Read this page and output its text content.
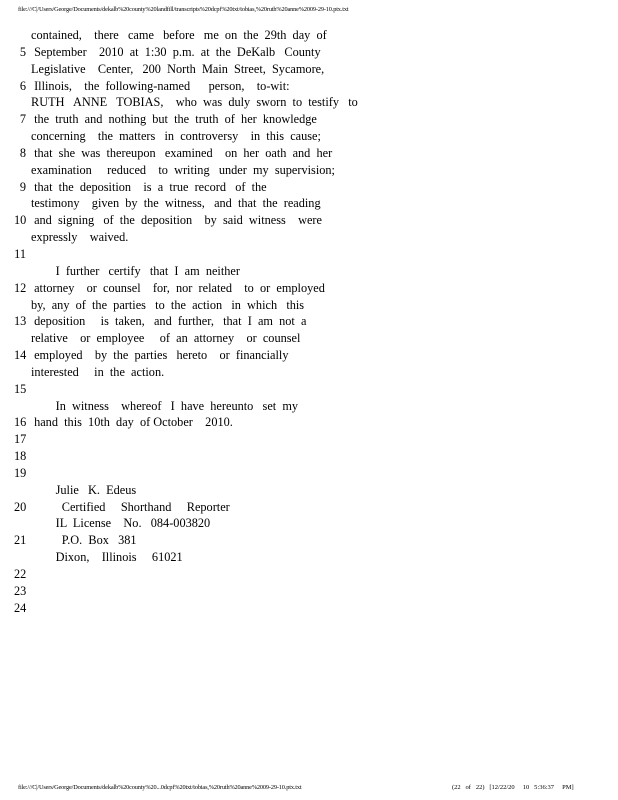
file:///C|/Users/George/Documents/dekalb%20county%20landfill/transcripts%20dcpf%20txt/tobias,%20ruth%20anne%2009-29-10.ptx.txt
contained,    there   came   before   me  on  the  29th  day  of
5 September    2010  at  1:30  p.m.  at  the  DeKalb   County
Legislative    Center,   200  North  Main  Street,  Sycamore,
6 Illinois,    the  following-named      person,    to-wit:
RUTH   ANNE   TOBIAS,    who  was  duly  sworn  to  testify   to
7 the  truth  and  nothing  but  the  truth  of  her  knowledge
concerning    the  matters   in  controversy    in  this  cause;
8 that  she  was  thereupon   examined    on  her  oath  and  her
examination     reduced    to  writing   under  my  supervision;
9 that  the  deposition    is  a  true  record   of  the
testimony    given  by  the  witness,   and  that  the  reading
10 and  signing   of  the  deposition    by  said  witness    were
expressly    waived.
11
I  further   certify   that  I  am  neither
12 attorney    or  counsel    for,  nor  related    to  or  employed
by,  any  of  the  parties   to  the  action   in  which   this
13 deposition     is  taken,   and  further,   that  I  am  not  a
relative    or  employee     of  an  attorney    or  counsel
14 employed    by  the  parties   hereto    or  financially
interested     in  the  action.
15
In  witness    whereof   I  have  hereunto   set  my
16 hand  this  10th  day  of October    2010.
17
18
19
Julie   K.  Edeus
20 Certified     Shorthand     Reporter
IL  License    No.   084-003820
21 P.O.  Box   381
Dixon,    Illinois     61021
22
23
24
file:///C|/Users/George/Documents/dekalb%20county%20...0dcpf%20txt/tobias,%20ruth%20anne%2009-29-10.ptx.txt	(22   of   22)   [12/22/20     10   5:36:37     PM]
